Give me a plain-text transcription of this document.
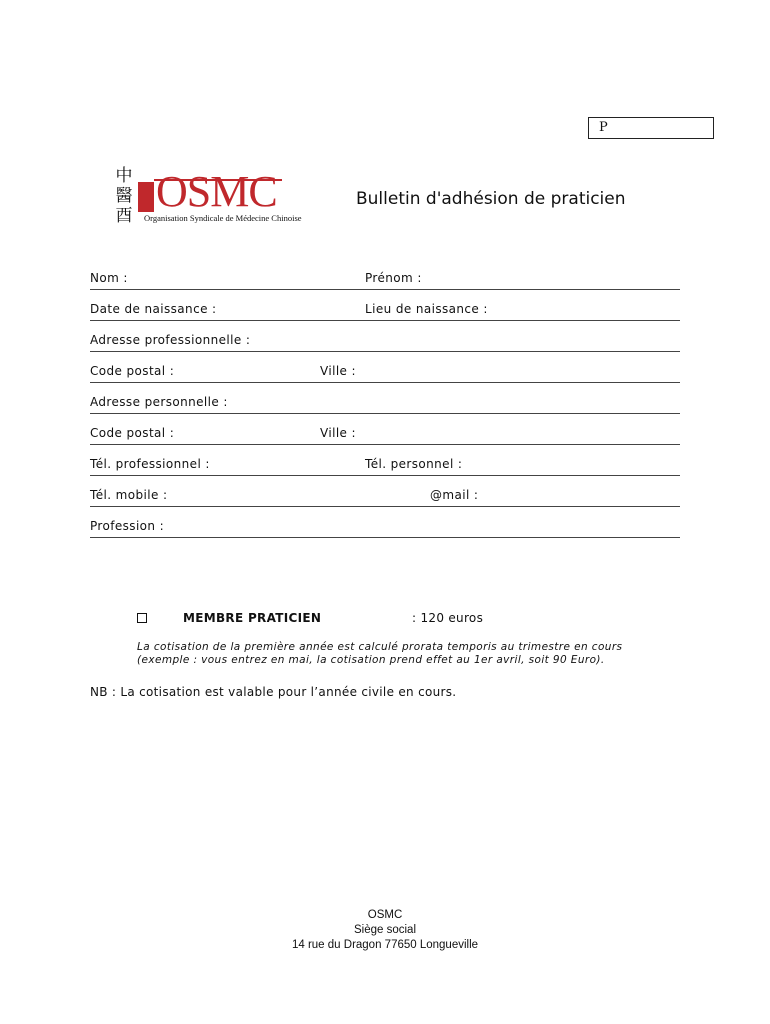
P
中
醫
酉 OSMC
Organisation Syndicale de Médecine Chinoise
Bulletin d'adhésion de praticien
Nom :	Prénom :
Date de naissance :	Lieu de naissance :
Adresse professionnelle :
Code postal :	Ville :
Adresse personnelle :
Code postal :	Ville :
Tél. professionnel :	Tél. personnel :
Tél. mobile :	@mail :
Profession :
MEMBRE PRATICIEN	: 120 euros
La cotisation de la première année est calculé prorata temporis au trimestre en cours
(exemple : vous entrez en mai, la cotisation prend effet au 1er avril, soit 90 Euro).
NB : La cotisation est valable pour l’année civile en cours.
OSMC
Siège social
14 rue du Dragon 77650 Longueville
